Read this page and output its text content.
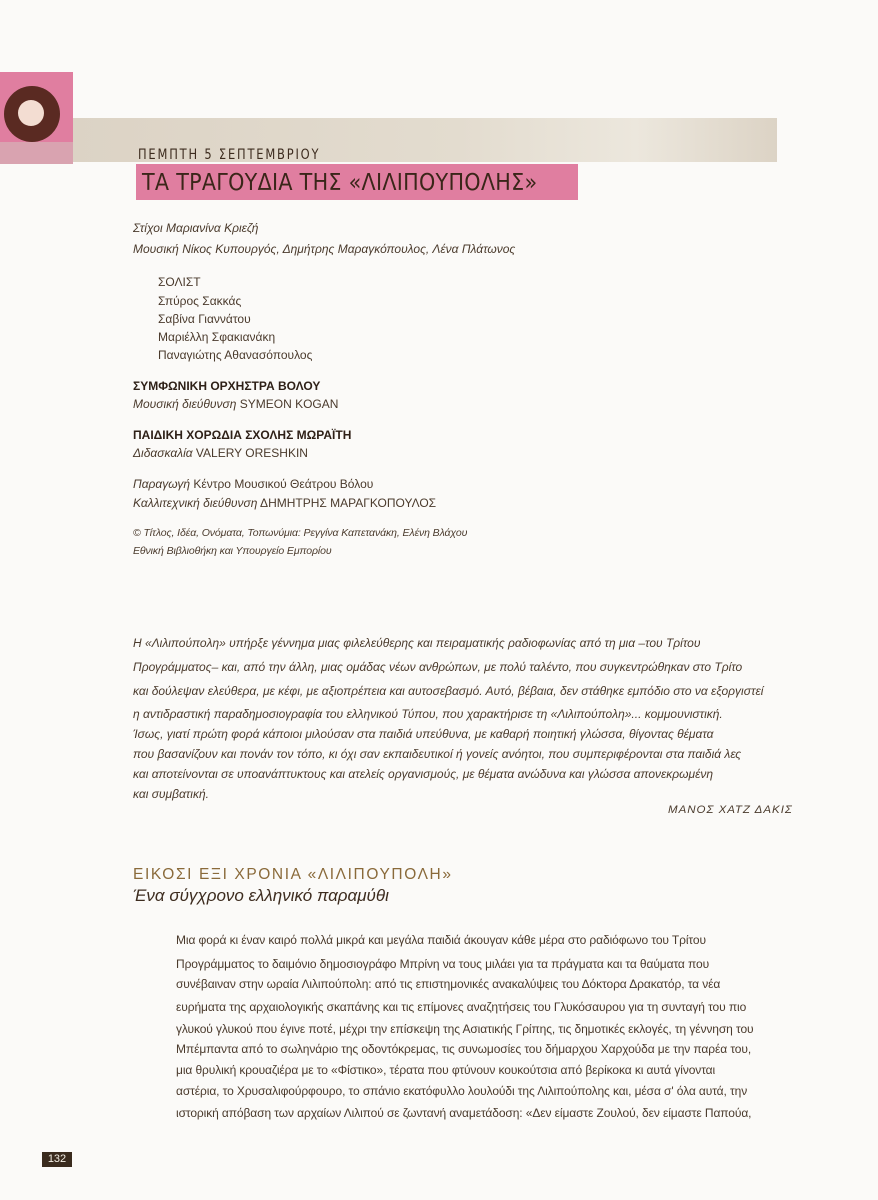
ΠΕΜΠΤΗ 5 ΣΕΠΤΕΜΒΡΙΟΥ
ΤΑ ΤΡΑΓΟΥΔΙΑ ΤΗΣ «ΛΙΛΙΠΟΥΠΟΛΗΣ»
Στίχοι Μαριανίνα Κριεζή
Μουσική Νίκος Κυπουργός, Δημήτρης Μαραγκόπουλος, Λένα Πλάτωνος
ΣΟΛΙΣΤ
Σπύρος Σακκάς
Σαβίνα Γιαννάτου
Μαριέλλη Σφακιανάκη
Παναγιώτης Αθανασόπουλος
ΣΥΜΦΩΝΙΚΗ ΟΡΧΗΣΤΡΑ ΒΟΛΟΥ
Μουσική διεύθυνση SYMEON KOGAN
ΠΑΙΔΙΚΗ ΧΟΡΩΔΙΑ ΣΧΟΛΗΣ ΜΩΡΑΪΤΗ
Διδασκαλία VALERY ORESHKIN
Παραγωγή Κέντρο Μουσικού Θεάτρου Βόλου
Καλλιτεχνική διεύθυνση ΔΗΜΗΤΡΗΣ ΜΑΡΑΓΚΟΠΟΥΛΟΣ
© Τίτλος, Ιδέα, Ονόματα, Τοπωνύμια: Ρεγγίνα Καπετανάκη, Ελένη Βλάχου
Εθνική Βιβλιοθήκη και Υπουργείο Εμπορίου
Η «Λιλιπούπολη» υπήρξε γέννημα μιας φιλελεύθερης και πειραματικής ραδιοφωνίας από τη μια –του Τρίτου
Προγράμματος– και, από την άλλη, μιας ομάδας νέων ανθρώπων, με πολύ ταλέντο, που συγκεντρώθηκαν στο Τρίτο
και δούλεψαν ελεύθερα, με κέφι, με αξιοπρέπεια και αυτοσεβασμό. Αυτό, βέβαια, δεν στάθηκε εμπόδιο στο να εξοργιστεί
η αντιδραστική παραδημοσιογραφία του ελληνικού Τύπου, που χαρακτήρισε τη «Λιλιπούπολη»... κομμουνιστική.
Ίσως, γιατί πρώτη φορά κάποιοι μιλούσαν στα παιδιά υπεύθυνα, με καθαρή ποιητική γλώσσα, θίγοντας θέματα
που βασανίζουν και πονάν τον τόπο, κι όχι σαν εκπαιδευτικοί ή γονείς ανόητοι, που συμπεριφέρονται στα παιδιά λες
και αποτείνονται σε υποανάπτυκτους και ατελείς οργανισμούς, με θέματα ανώδυνα και γλώσσα απονεκρωμένη
και συμβατική.
ΜΑΝΟΣ ΧΑΤΖ ΔΑΚΙΣ
ΕΙΚΟΣΙ ΕΞΙ ΧΡΟΝΙΑ «ΛΙΛΙΠΟΥΠΟΛΗ»
Ένα σύγχρονο ελληνικό παραμύθι
Μια φορά κι έναν καιρό πολλά μικρά και μεγάλα παιδιά άκουγαν κάθε μέρα στο ραδιόφωνο του Τρίτου
Προγράμματος το δαιμόνιο δημοσιογράφο Μπρίνη να τους μιλάει για τα πράγματα και τα θαύματα που
συνέβαιναν στην ωραία Λιλιπούπολη: από τις επιστημονικές ανακαλύψεις του Δόκτορα Δρακατόρ, τα νέα
ευρήματα της αρχαιολογικής σκαπάνης και τις επίμονες αναζητήσεις του Γλυκόσαυρου για τη συνταγή του πιο
γλυκού γλυκού που έγινε ποτέ, μέχρι την επίσκεψη της Ασιατικής Γρίπης, τις δημοτικές εκλογές, τη γέννηση του
Μπέμπαντα από το σωληνάριο της οδοντόκρεμας, τις συνωμοσίες του δήμαρχου Χαρχούδα με την παρέα του,
μια θρυλική κρουαζιέρα με το «Φίστικο», τέρατα που φτύνουν κουκούτσια από βερίκοκα κι αυτά γίνονται
αστέρια, το Χρυσαλιφούρφουρο, το σπάνιο εκατόφυλλο λουλούδι της Λιλιπούπολης και, μέσα σ' όλα αυτά, την
ιστορική απόβαση των αρχαίων Λιλιπού σε ζωντανή αναμετάδοση: «Δεν είμαστε Ζουλού, δεν είμαστε Παπούα,
132
